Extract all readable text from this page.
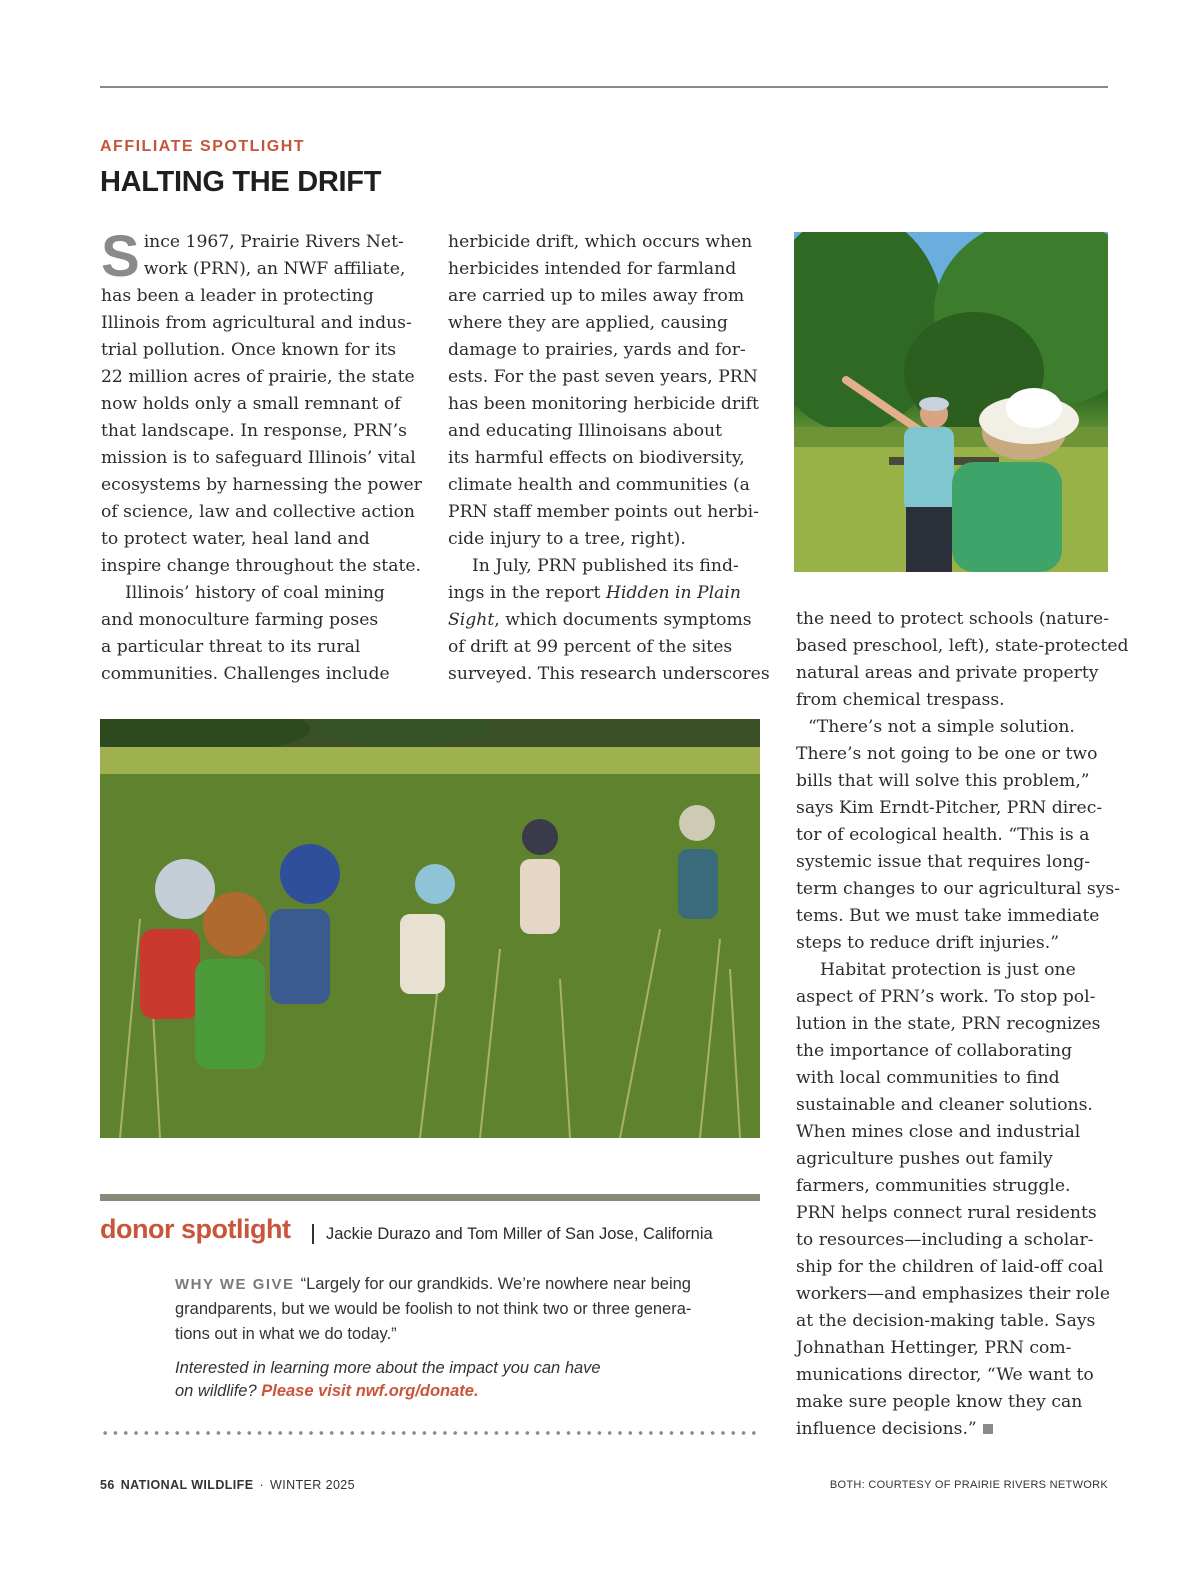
AFFILIATE SPOTLIGHT
HALTING THE DRIFT
S ince 1967, Prairie Rivers Net-
work (PRN), an NWF affiliate,
has been a leader in protecting
Illinois from agricultural and indus-
trial pollution. Once known for its
22 million acres of prairie, the state
now holds only a small remnant of
that landscape. In response, PRN’s
mission is to safeguard Illinois’ vital
ecosystems by harnessing the power
of science, law and collective action
to protect water, heal land and
inspire change throughout the state.
Illinois’ history of coal mining
and monoculture farming poses
a particular threat to its rural
communities. Challenges include
herbicide drift, which occurs when
herbicides intended for farmland
are carried up to miles away from
where they are applied, causing
damage to prairies, yards and for-
ests. For the past seven years, PRN
has been monitoring herbicide drift
and educating Illinoisans about
its harmful effects on biodiversity,
climate health and communities (a
PRN staff member points out herbi-
cide injury to a tree, right).
In July, PRN published its find-
ings in the report Hidden in Plain
Sight, which documents symptoms
of drift at 99 percent of the sites
surveyed. This research underscores
the need to protect schools (nature-
based preschool, left), state-protected
natural areas and private property
from chemical trespass.
“There’s not a simple solution.
There’s not going to be one or two
bills that will solve this problem,”
says Kim Erndt-Pitcher, PRN direc-
tor of ecological health. “This is a
systemic issue that requires long-
term changes to our agricultural sys-
tems. But we must take immediate
steps to reduce drift injuries.”
Habitat protection is just one
aspect of PRN’s work. To stop pol-
lution in the state, PRN recognizes
the importance of collaborating
with local communities to find
sustainable and cleaner solutions.
When mines close and industrial
agriculture pushes out family
farmers, communities struggle.
PRN helps connect rural residents
to resources—including a scholar-
ship for the children of laid-off coal
workers—and emphasizes their role
at the decision-making table. Says
Johnathan Hettinger, PRN com-
munications director, “We want to
make sure people know they can
influence decisions.”
donor spotlight Jackie Durazo and Tom Miller of San Jose, California
WHY WE GIVE “Largely for our grandkids. We’re nowhere near being
grandparents, but we would be foolish to not think two or three genera-
tions out in what we do today.”
Interested in learning more about the impact you can have
on wildlife? Please visit nwf.org/donate.
56 NATIONAL WILDLIFE · WINTER 2025	BOTH: COURTESY OF PRAIRIE RIVERS NETWORK
